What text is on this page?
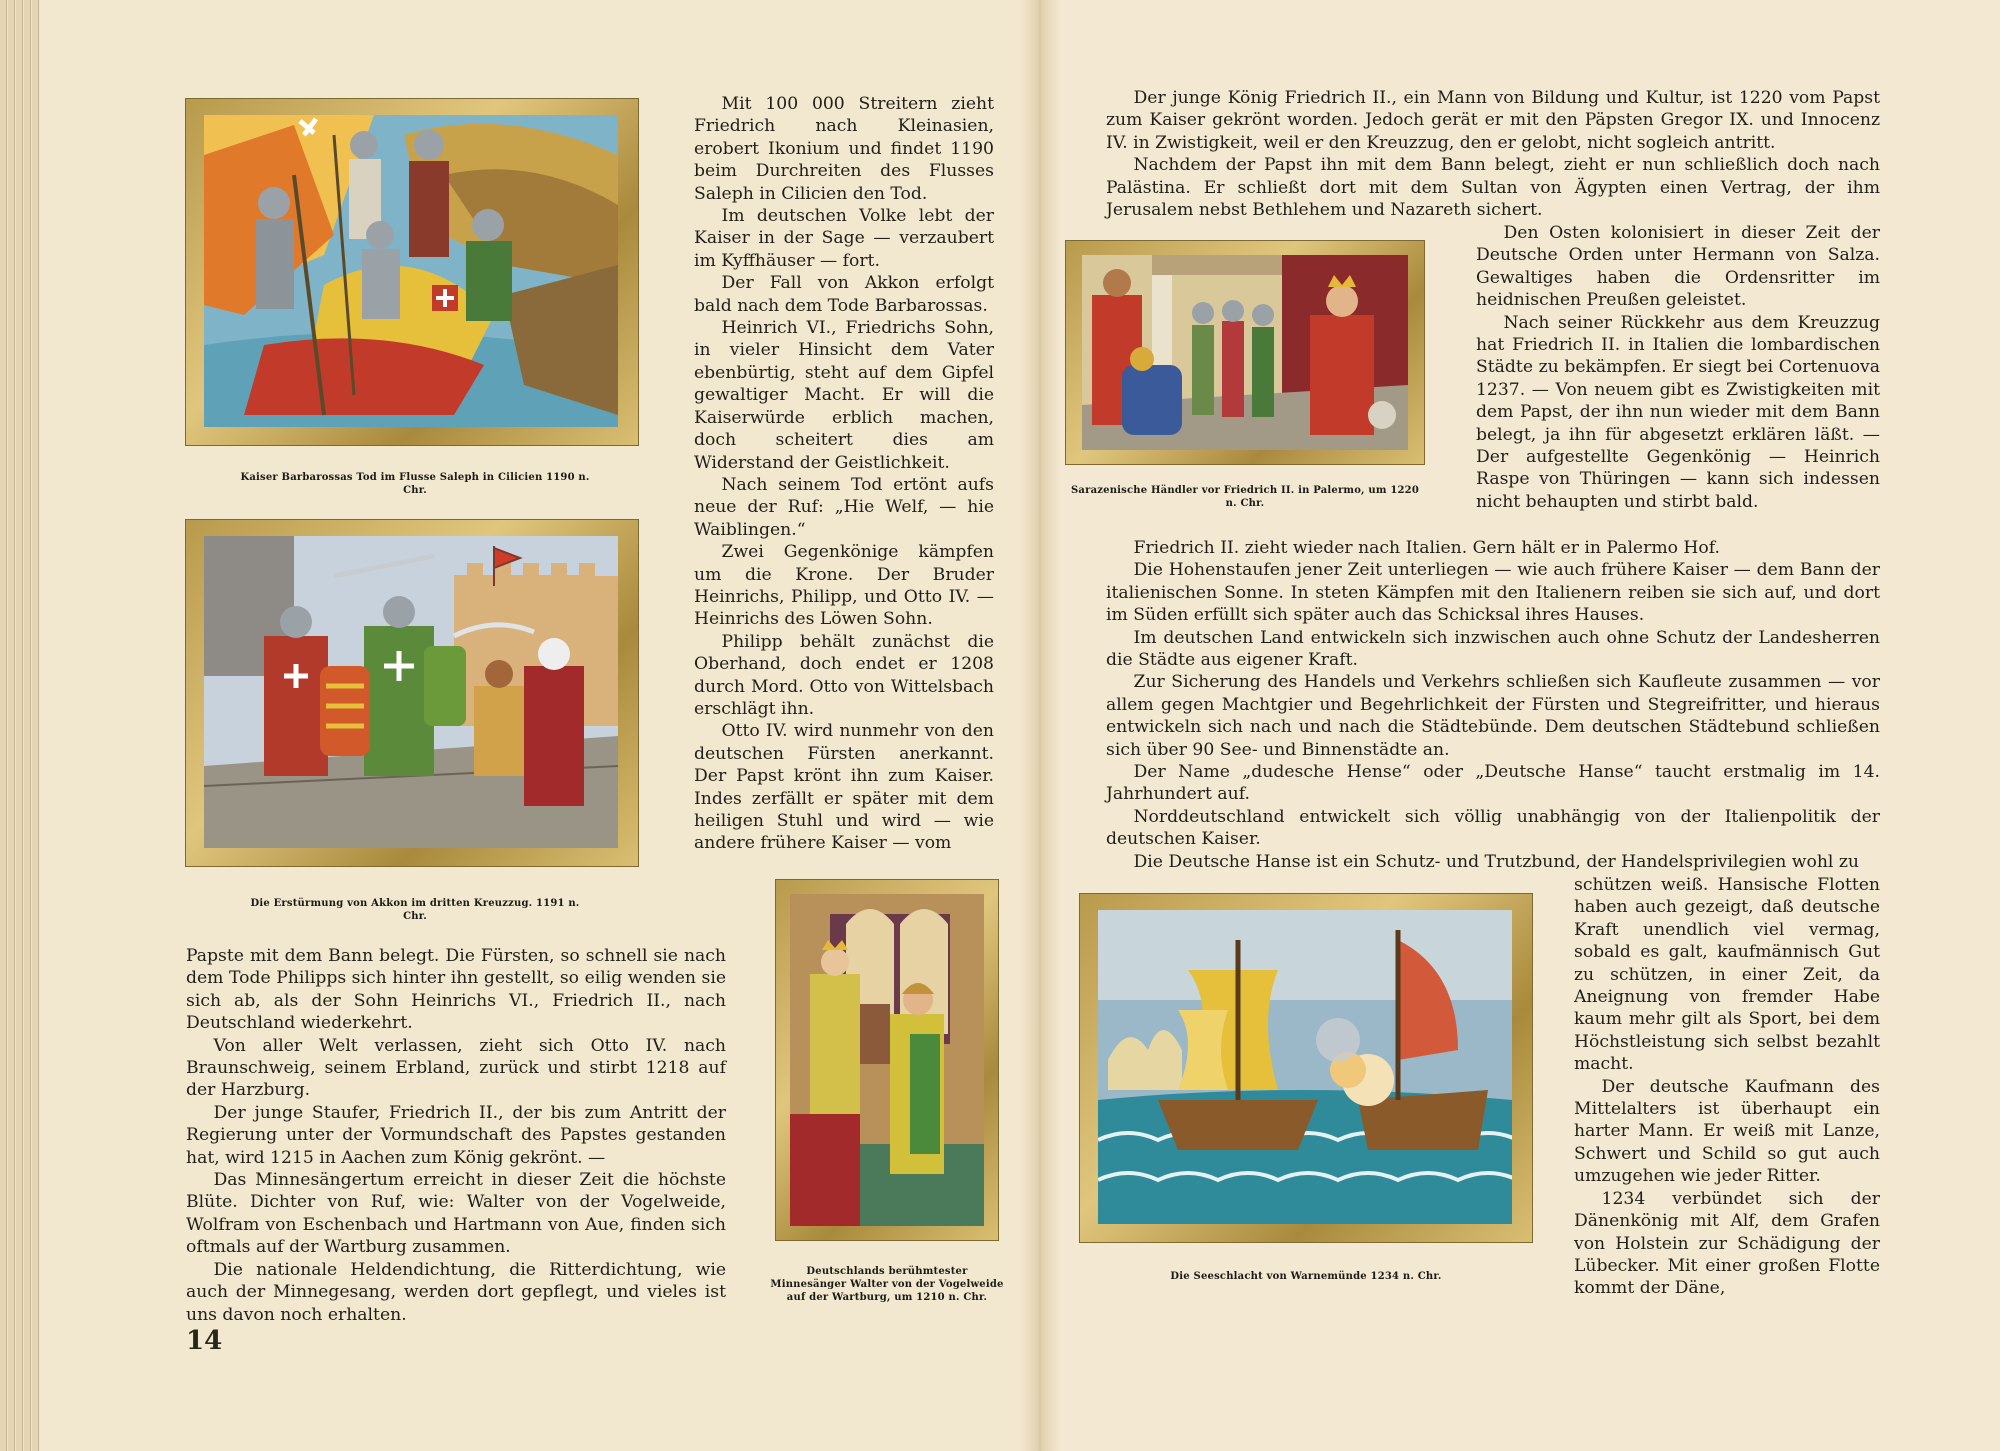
Kaiser Barbarossas Tod im Flusse Saleph in Cilicien 1190 n. Chr.
Die Erstürmung von Akkon im dritten Kreuzzug. 1191 n. Chr.
Deutschlands berühmtester Minnesänger Walter von der Vogelweide auf der Wartburg, um 1210 n. Chr.
Sarazenische Händler vor Friedrich II. in Palermo, um 1220 n. Chr.
Die Seeschlacht von Warnemünde 1234 n. Chr.

Mit 100 000 Streitern zieht Friedrich nach Kleinasien, erobert Ikonium und findet 1190 beim Durchreiten des Flusses Saleph in Cilicien den Tod.

Im deutschen Volke lebt der Kaiser in der Sage — verzaubert im Kyffhäuser — fort.

Der Fall von Akkon erfolgt bald nach dem Tode Barbarossas.

Heinrich VI., Friedrichs Sohn, in vieler Hinsicht dem Vater ebenbürtig, steht auf dem Gipfel gewaltiger Macht. Er will die Kaiserwürde erblich machen, doch scheitert dies am Widerstand der Geistlichkeit.

Nach seinem Tod ertönt aufs neue der Ruf: „Hie Welf, — hie Waiblingen.“

Zwei Gegenkönige kämpfen um die Krone. Der Bruder Heinrichs, Philipp, und Otto IV. — Heinrichs des Löwen Sohn.

Philipp behält zunächst die Oberhand, doch endet er 1208 durch Mord. Otto von Wittelsbach erschlägt ihn.

Otto IV. wird nunmehr von den deutschen Fürsten anerkannt. Der Papst krönt ihn zum Kaiser. Indes zerfällt er später mit dem heiligen Stuhl und wird — wie andere frühere Kaiser — vom

Papste mit dem Bann belegt. Die Fürsten, so schnell sie nach dem Tode Philipps sich hinter ihn gestellt, so eilig wenden sie sich ab, als der Sohn Heinrichs VI., Friedrich II., nach Deutschland wiederkehrt.

Von aller Welt verlassen, zieht sich Otto IV. nach Braunschweig, seinem Erbland, zurück und stirbt 1218 auf der Harzburg.

Der junge Staufer, Friedrich II., der bis zum Antritt der Regierung unter der Vormundschaft des Papstes gestanden hat, wird 1215 in Aachen zum König gekrönt. —

Das Minnesängertum erreicht in dieser Zeit die höchste Blüte. Dichter von Ruf, wie: Walter von der Vogelweide, Wolfram von Eschenbach und Hartmann von Aue, finden sich oftmals auf der Wartburg zusammen.

Die nationale Heldendichtung, die Ritterdichtung, wie auch der Minnegesang, werden dort gepflegt, und vieles ist uns davon noch erhalten.

Der junge König Friedrich II., ein Mann von Bildung und Kultur, ist 1220 vom Papst zum Kaiser gekrönt worden. Jedoch gerät er mit den Päpsten Gregor IX. und Innocenz IV. in Zwistigkeit, weil er den Kreuzzug, den er gelobt, nicht sogleich antritt.

Nachdem der Papst ihn mit dem Bann belegt, zieht er nun schließlich doch nach Palästina. Er schließt dort mit dem Sultan von Ägypten einen Vertrag, der ihm Jerusalem nebst Bethlehem und Nazareth sichert.

Den Osten kolonisiert in dieser Zeit der Deutsche Orden unter Hermann von Salza. Gewaltiges haben die Ordensritter im heidnischen Preußen geleistet.

Nach seiner Rückkehr aus dem Kreuzzug hat Friedrich II. in Italien die lombardischen Städte zu bekämpfen. Er siegt bei Cortenuova 1237. — Von neuem gibt es Zwistigkeiten mit dem Papst, der ihn nun wieder mit dem Bann belegt, ja ihn für abgesetzt erklären läßt. — Der aufgestellte Gegenkönig — Heinrich Raspe von Thüringen — kann sich indessen nicht behaupten und stirbt bald.

Friedrich II. zieht wieder nach Italien. Gern hält er in Palermo Hof.

Die Hohenstaufen jener Zeit unterliegen — wie auch frühere Kaiser — dem Bann der italienischen Sonne. In steten Kämpfen mit den Italienern reiben sie sich auf, und dort im Süden erfüllt sich später auch das Schicksal ihres Hauses.

Im deutschen Land entwickeln sich inzwischen auch ohne Schutz der Landesherren die Städte aus eigener Kraft.

Zur Sicherung des Handels und Verkehrs schließen sich Kaufleute zusammen — vor allem gegen Machtgier und Begehrlichkeit der Fürsten und Stegreifritter, und hieraus entwickeln sich nach und nach die Städtebünde. Dem deutschen Städtebund schließen sich über 90 See- und Binnenstädte an.

Der Name „dudesche Hense“ oder „Deutsche Hanse“ taucht erstmalig im 14. Jahrhundert auf.

Norddeutschland entwickelt sich völlig unabhängig von der Italienpolitik der deutschen Kaiser.

Die Deutsche Hanse ist ein Schutz- und Trutzbund, der Handelsprivilegien wohl zu

schützen weiß. Hansische Flotten haben auch gezeigt, daß deutsche Kraft unendlich viel vermag, sobald es galt, kaufmännisch Gut zu schützen, in einer Zeit, da Aneignung von fremder Habe kaum mehr gilt als Sport, bei dem Höchstleistung sich selbst bezahlt macht.

Der deutsche Kaufmann des Mittelalters ist überhaupt ein harter Mann. Er weiß mit Lanze, Schwert und Schild so gut auch umzugehen wie jeder Ritter.

1234 verbündet sich der Dänenkönig mit Alf, dem Grafen von Holstein zur Schädigung der Lübecker. Mit einer großen Flotte kommt der Däne,

14
